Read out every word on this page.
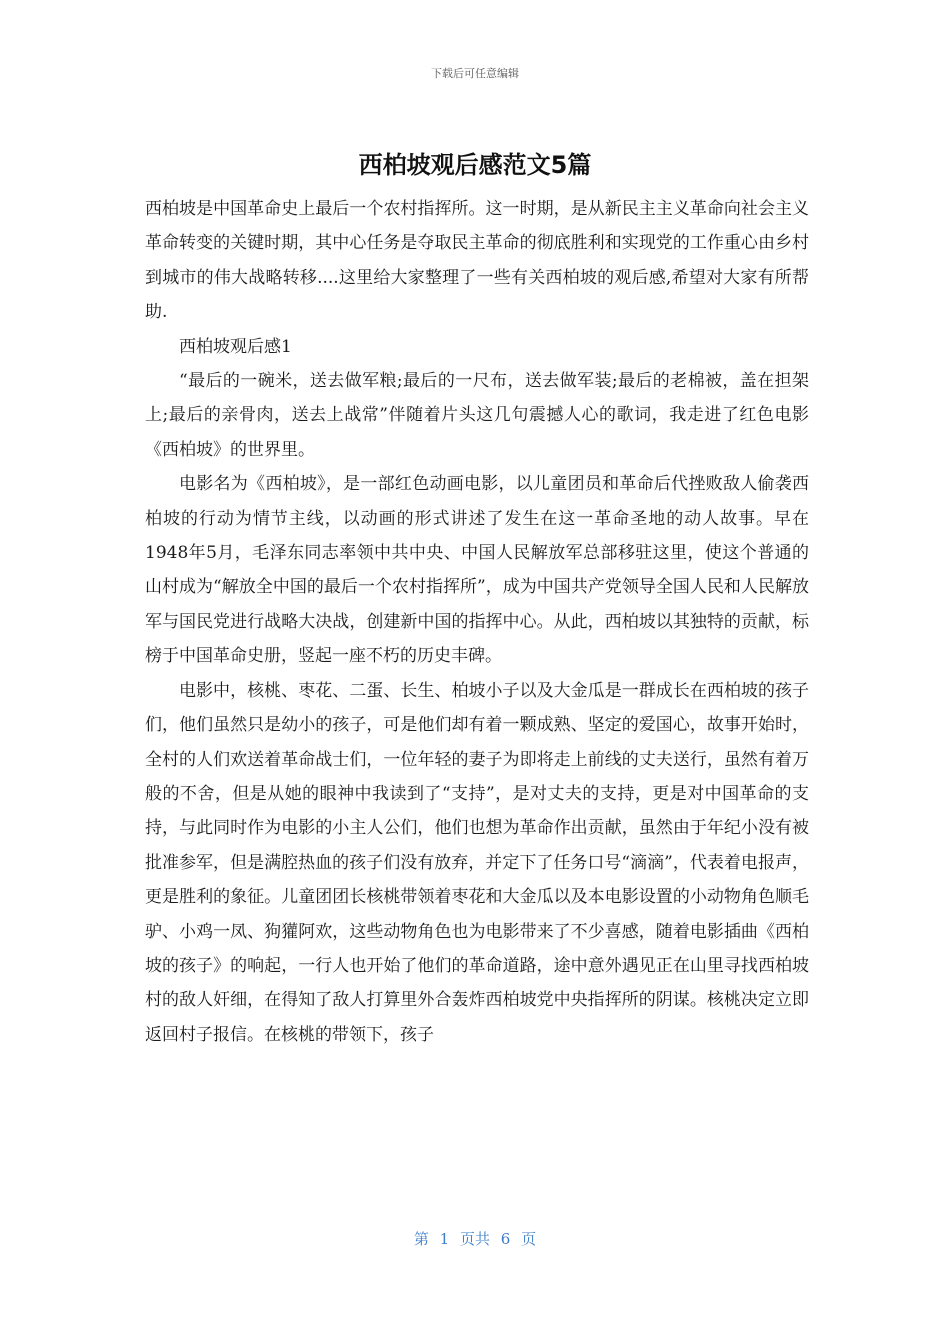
下载后可任意编辑
西柏坡观后感范文5篇

西柏坡是中国革命史上最后一个农村指挥所。这一时期，是从新民主主义革命向社会主义革命转变的关键时期，其中心任务是夺取民主革命的彻底胜利和实现党的工作重心由乡村到城市的伟大战略转移....这里给大家整理了一些有关西柏坡的观后感,希望对大家有所帮助.

西柏坡观后感1

“最后的一碗米，送去做军粮;最后的一尺布，送去做军装;最后的老棉被，盖在担架上;最后的亲骨肉，送去上战常”伴随着片头这几句震撼人心的歌词，我走进了红色电影《西柏坡》的世界里。

电影名为《西柏坡》，是一部红色动画电影，以儿童团员和革命后代挫败敌人偷袭西柏坡的行动为情节主线，以动画的形式讲述了发生在这一革命圣地的动人故事。早在1948年5月，毛泽东同志率领中共中央、中国人民解放军总部移驻这里，使这个普通的山村成为“解放全中国的最后一个农村指挥所”，成为中国共产党领导全国人民和人民解放军与国民党进行战略大决战，创建新中国的指挥中心。从此，西柏坡以其独特的贡献，标榜于中国革命史册，竖起一座不朽的历史丰碑。

电影中，核桃、枣花、二蛋、长生、柏坡小子以及大金瓜是一群成长在西柏坡的孩子们，他们虽然只是幼小的孩子，可是他们却有着一颗成熟、坚定的爱国心，故事开始时，全村的人们欢送着革命战士们，一位年轻的妻子为即将走上前线的丈夫送行，虽然有着万般的不舍，但是从她的眼神中我读到了“支持”，是对丈夫的支持，更是对中国革命的支持，与此同时作为电影的小主人公们，他们也想为革命作出贡献，虽然由于年纪小没有被批准参军，但是满腔热血的孩子们没有放弃，并定下了任务口号“滴滴”，代表着电报声，更是胜利的象征。儿童团团长核桃带领着枣花和大金瓜以及本电影设置的小动物角色顺毛驴、小鸡一凤、狗獾阿欢，这些动物角色也为电影带来了不少喜感，随着电影插曲《西柏坡的孩子》的响起，一行人也开始了他们的革命道路，途中意外遇见正在山里寻找西柏坡村的敌人奸细，在得知了敌人打算里外合轰炸西柏坡党中央指挥所的阴谋。核桃决定立即返回村子报信。在核桃的带领下，孩子

第 1 页共 6 页
